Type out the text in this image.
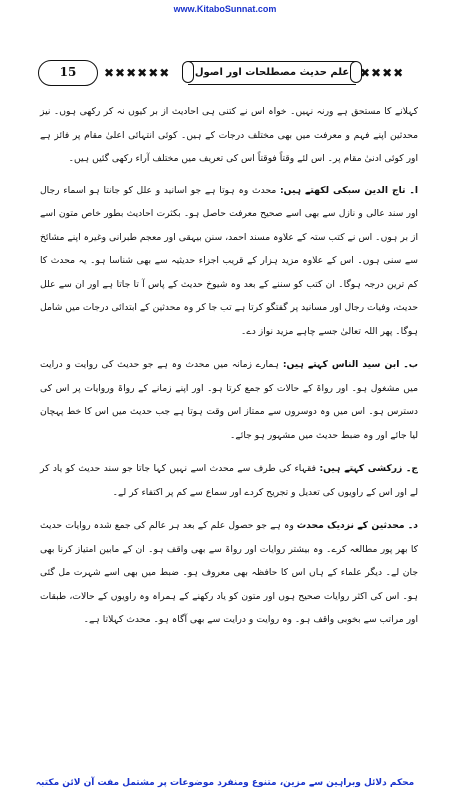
www.KitaboSunnat.com
15	✖✖✖✖✖✖	علم حدیث مصطلحات اور اصول ✖✖✖✖

کہلانے کا مستحق ہے ورنہ نہیں۔ خواہ اس نے کتنی ہی احادیث از بر کیوں نہ کر رکھی ہوں۔ نیز محدثین اپنے فہم و معرفت میں بھی مختلف درجات کے ہیں۔ کوئی انتہائی اعلیٰ مقام پر فائز ہے اور کوئی ادنیٰ مقام پر۔ اس لئے وقتاً فوقتاً اس کی تعریف میں مختلف آراء رکھی گئیں ہیں۔

ا۔ تاج الدین سبکی لکھتے ہیں: محدث وہ ہوتا ہے جو اسانید و علل کو جانتا ہو اسماء رجال اور سند عالی و نازل سے بھی اسے صحیح معرفت حاصل ہو۔ بکثرت احادیث بطور خاص متون اسے از بر ہوں۔ اس نے کتب ستہ کے علاوہ مسند احمد، سنن بیہقی اور معجم طبرانی وغیرہ اپنے مشائخ سے سنی ہوں۔ اس کے علاوہ مزید ہزار کے قریب اجزاء حدیثیہ سے بھی شناسا ہو۔ یہ محدث کا کم ترین درجہ ہوگا۔ ان کتب کو سننے کے بعد وہ شیوخ حدیث کے پاس آ تا جاتا ہے اور ان سے علل حدیث، وفیات رجال اور مسانید پر گفتگو کرتا ہے تب جا کر وہ محدثین کے ابتدائی درجات میں شامل ہوگا۔ پھر اللہ تعالیٰ جسے چاہے مزید نواز دے۔

ب۔ ابن سید الناس کہتے ہیں: ہمارے زمانہ میں محدث وہ ہے جو حدیث کی روایت و درایت میں مشغول ہو۔ اور رواۃ کے حالات کو جمع کرتا ہو۔ اور اپنے زمانے کے رواۃ وروایات پر اس کی دسترس ہو۔ اس میں وہ دوسروں سے ممتاز اس وقت ہوتا ہے جب حدیث میں اس کا خط پہچان لیا جائے اور وہ ضبط حدیث میں مشہور ہو جائے۔

ج۔ زرکشی کہتے ہیں: فقہاء کی طرف سے محدث اسے نہیں کہا جاتا جو سند حدیث کو یاد کر لے اور اس کے راویوں کی تعدیل و تجریح کردے اور سماع سے کم پر اکتفاء کر لے۔

د۔ محدثین کے نزدیک محدث وہ ہے جو حصول علم کے بعد ہر عالم کی جمع شدہ روایات حدیث کا بھر پور مطالعہ کرے۔ وہ بیشتر روایات اور رواۃ سے بھی واقف ہو۔ ان کے مابین امتیاز کرنا بھی جان لے۔ دیگر علماء کے ہاں اس کا حافظہ بھی معروف ہو۔ ضبط میں بھی اسے شہرت مل گئی ہو۔ اس کی اکثر روایات صحیح ہوں اور متون کو یاد رکھنے کے ہمراہ وہ راویوں کے حالات، طبقات اور مراتب سے بخوبی واقف ہو۔ وہ روایت و درایت سے بھی آگاہ ہو۔ محدث کہلاتا ہے۔

محکم دلائل وبراہین سے مزین، متنوع ومنفرد موضوعات پر مشتمل مفت آن لائن مکتبہ
